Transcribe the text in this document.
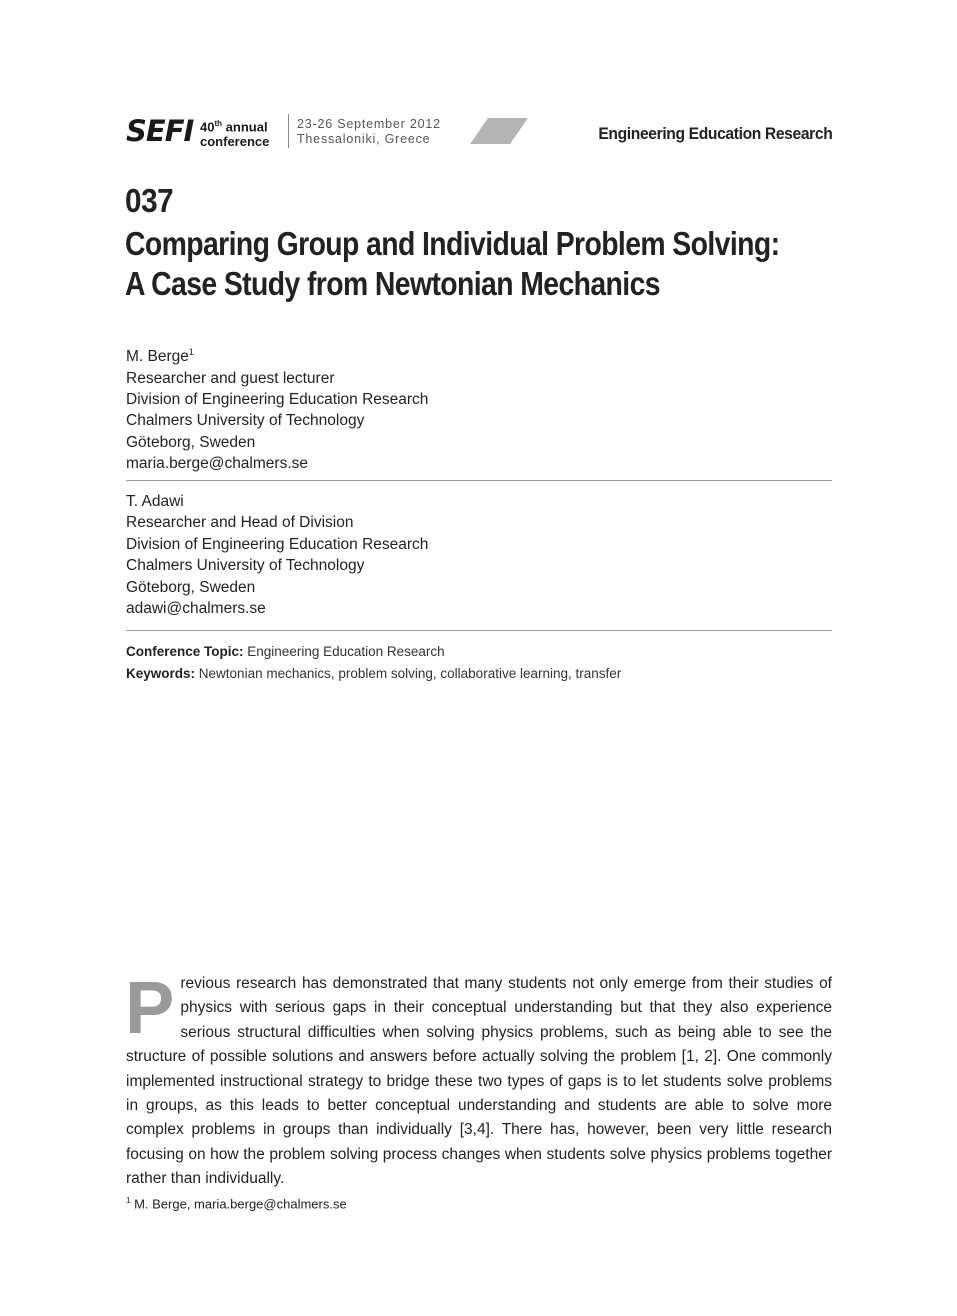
SEFI 40th annual
conference
23-26 September 2012
Thessaloniki, Greece	Engineering Education Research
037
Comparing Group and Individual Problem Solving:
A Case Study from Newtonian Mechanics
M. Berge$^1$
Researcher and guest lecturer
Division of Engineering Education Research
Chalmers University of Technology
Göteborg, Sweden
maria.berge@chalmers.se
T. Adawi
Researcher and Head of Division
Division of Engineering Education Research
Chalmers University of Technology
Göteborg, Sweden
adawi@chalmers.se
Conference Topic: Engineering Education Research
Keywords: Newtonian mechanics, problem solving, collaborative learning, transfer
Previous research has demonstrated that many students not only emerge from their studies of physics with serious gaps in their conceptual understanding but that they also experience serious structural difficulties when solving physics problems, such as being able to see the structure of possible solutions and answers before actually solving the problem [1, 2]. One commonly implemented instructional strategy to bridge these two types of gaps is to let students solve problems in groups, as this leads to better conceptual understanding and students are able to solve more complex problems in groups than individually [3,4]. There has, however, been very little research focusing on how the problem solving process changes when students solve physics problems together rather than individually.
$^1$ M. Berge, maria.berge@chalmers.se
